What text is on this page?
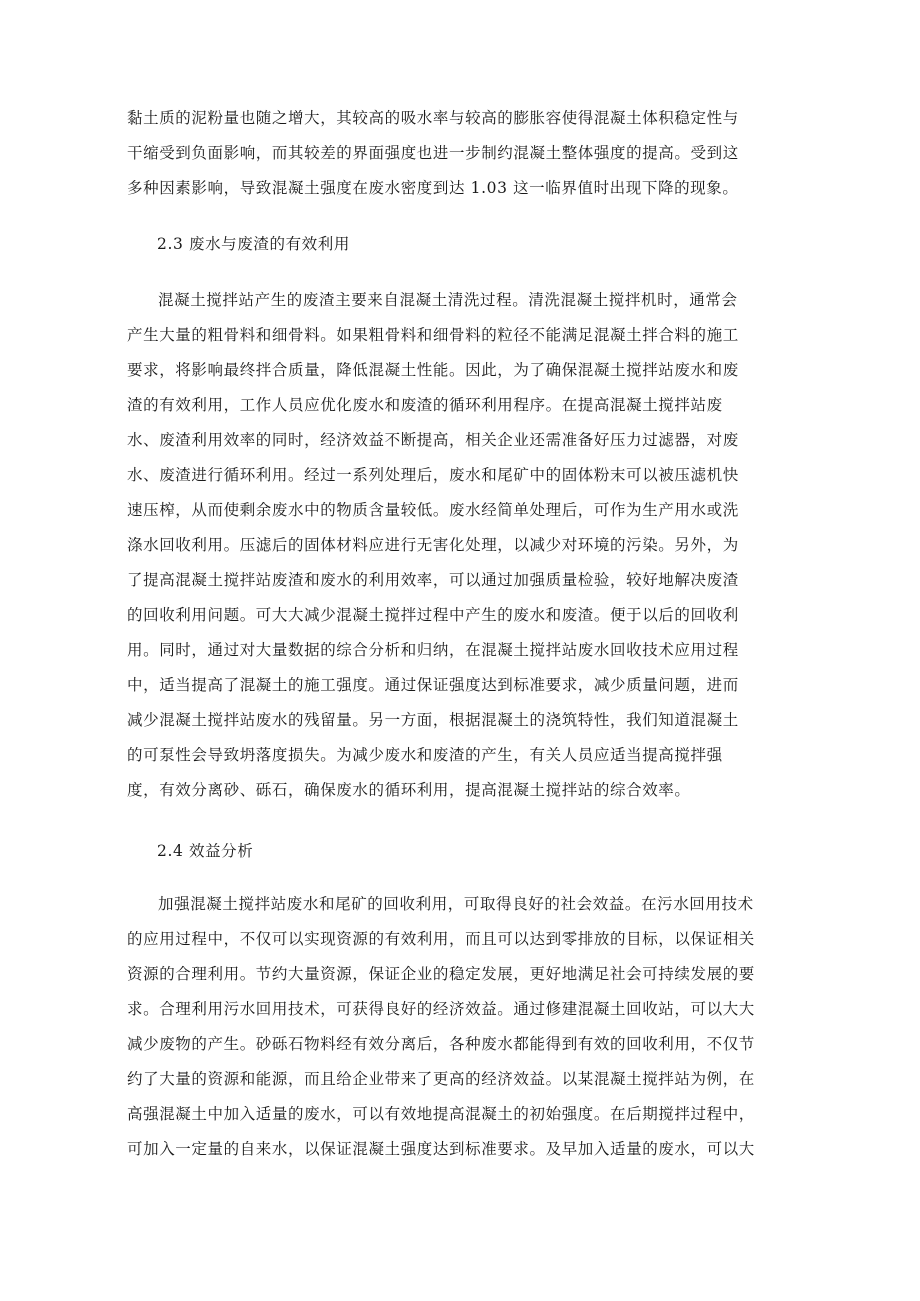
黏土质的泥粉量也随之增大，其较高的吸水率与较高的膨胀容使得混凝土体积稳定性与
干缩受到负面影响，而其较差的界面强度也进一步制约混凝土整体强度的提高。受到这
多种因素影响，导致混凝土强度在废水密度到达 1.03 这一临界值时出现下降的现象。
2.3 废水与废渣的有效利用
混凝土搅拌站产生的废渣主要来自混凝土清洗过程。清洗混凝土搅拌机时，通常会
产生大量的粗骨料和细骨料。如果粗骨料和细骨料的粒径不能满足混凝土拌合料的施工
要求，将影响最终拌合质量，降低混凝土性能。因此，为了确保混凝土搅拌站废水和废
渣的有效利用，工作人员应优化废水和废渣的循环利用程序。在提高混凝土搅拌站废
水、废渣利用效率的同时，经济效益不断提高，相关企业还需准备好压力过滤器，对废
水、废渣进行循环利用。经过一系列处理后，废水和尾矿中的固体粉末可以被压滤机快
速压榨，从而使剩余废水中的物质含量较低。废水经简单处理后，可作为生产用水或洗
涤水回收利用。压滤后的固体材料应进行无害化处理，以减少对环境的污染。另外，为
了提高混凝土搅拌站废渣和废水的利用效率，可以通过加强质量检验，较好地解决废渣
的回收利用问题。可大大减少混凝土搅拌过程中产生的废水和废渣。便于以后的回收利
用。同时，通过对大量数据的综合分析和归纳，在混凝土搅拌站废水回收技术应用过程
中，适当提高了混凝土的施工强度。通过保证强度达到标准要求，减少质量问题，进而
减少混凝土搅拌站废水的残留量。另一方面，根据混凝土的浇筑特性，我们知道混凝土
的可泵性会导致坍落度损失。为减少废水和废渣的产生，有关人员应适当提高搅拌强
度，有效分离砂、砾石，确保废水的循环利用，提高混凝土搅拌站的综合效率。
2.4 效益分析
加强混凝土搅拌站废水和尾矿的回收利用，可取得良好的社会效益。在污水回用技术
的应用过程中，不仅可以实现资源的有效利用，而且可以达到零排放的目标，以保证相关
资源的合理利用。节约大量资源，保证企业的稳定发展，更好地满足社会可持续发展的要
求。合理利用污水回用技术，可获得良好的经济效益。通过修建混凝土回收站，可以大大
减少废物的产生。砂砾石物料经有效分离后，各种废水都能得到有效的回收利用，不仅节
约了大量的资源和能源，而且给企业带来了更高的经济效益。以某混凝土搅拌站为例，在
高强混凝土中加入适量的废水，可以有效地提高混凝土的初始强度。在后期搅拌过程中，
可加入一定量的自来水，以保证混凝土强度达到标准要求。及早加入适量的废水，可以大
